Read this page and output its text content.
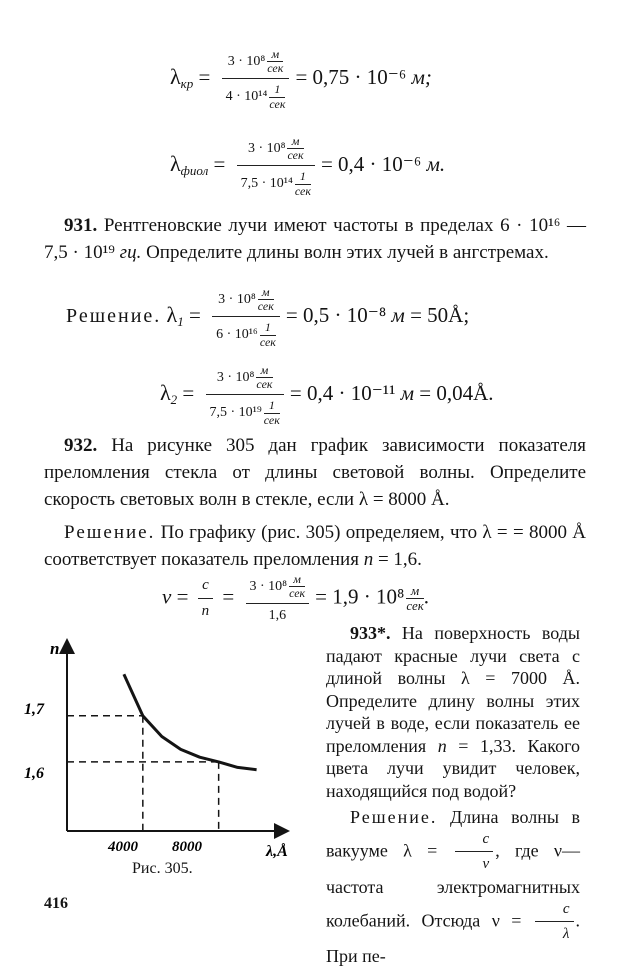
$\lambda_{кр} = 3 \cdot 10^8$ м
сек
4 · 10¹⁴ 1
сек = 0,75 · 10⁻⁶ м;
$\lambda_{фиол} = 3 \cdot 10^8$ м
сек
7,5 · 10¹⁴ 1
сек = 0,4 · 10⁻⁶ м.

931. Рентгеновские лучи имеют частоты в пределах 6 · 10¹⁶ — 7,5 · 10¹⁹ гц. Определите длины волн этих лучей в ангстремах.

Решение. $\lambda_1 = 3 \cdot 10^8$ м
сек
6 · 10¹⁶ 1
сек = 0,5 · 10⁻⁸ м = 50Å;
$\lambda_2 = 3 \cdot 10^8$ м
сек
7,5 · 10¹⁹ 1
сек = 0,4 · 10⁻¹¹ м = 0,04Å.

932. На рисунке 305 дан график зависимости показателя преломления стекла от длины световой волны. Определите скорость световых волн в стекле, если λ = 8000 Å.

Решение. По графику (рис. 305) определяем, что λ = = 8000 Å соответствует показатель преломления n = 1,6.

$v = \frac{c}{n} = 3 \cdot 10^8$ м
сек
1,6 = 1,9 · 10⁸ м
сек .
n
λ,Å
1,7
1,6
4000 8000
Рис. 305.

933*. На поверхность воды падают красные лучи света с длиной волны λ = 7000 Å. Определите длину волны этих лучей в воде, если показатель ее преломления n = 1,33. Какого цвета лучи увидит человек, находящийся под водой?

Решение. Длина волны в вакууме $\lambda = \frac{c}{\nu}$ , где ν— частота электромагнитных колебаний. Отсюда $\nu = \frac{c}{\lambda}$ . При пе-

416
